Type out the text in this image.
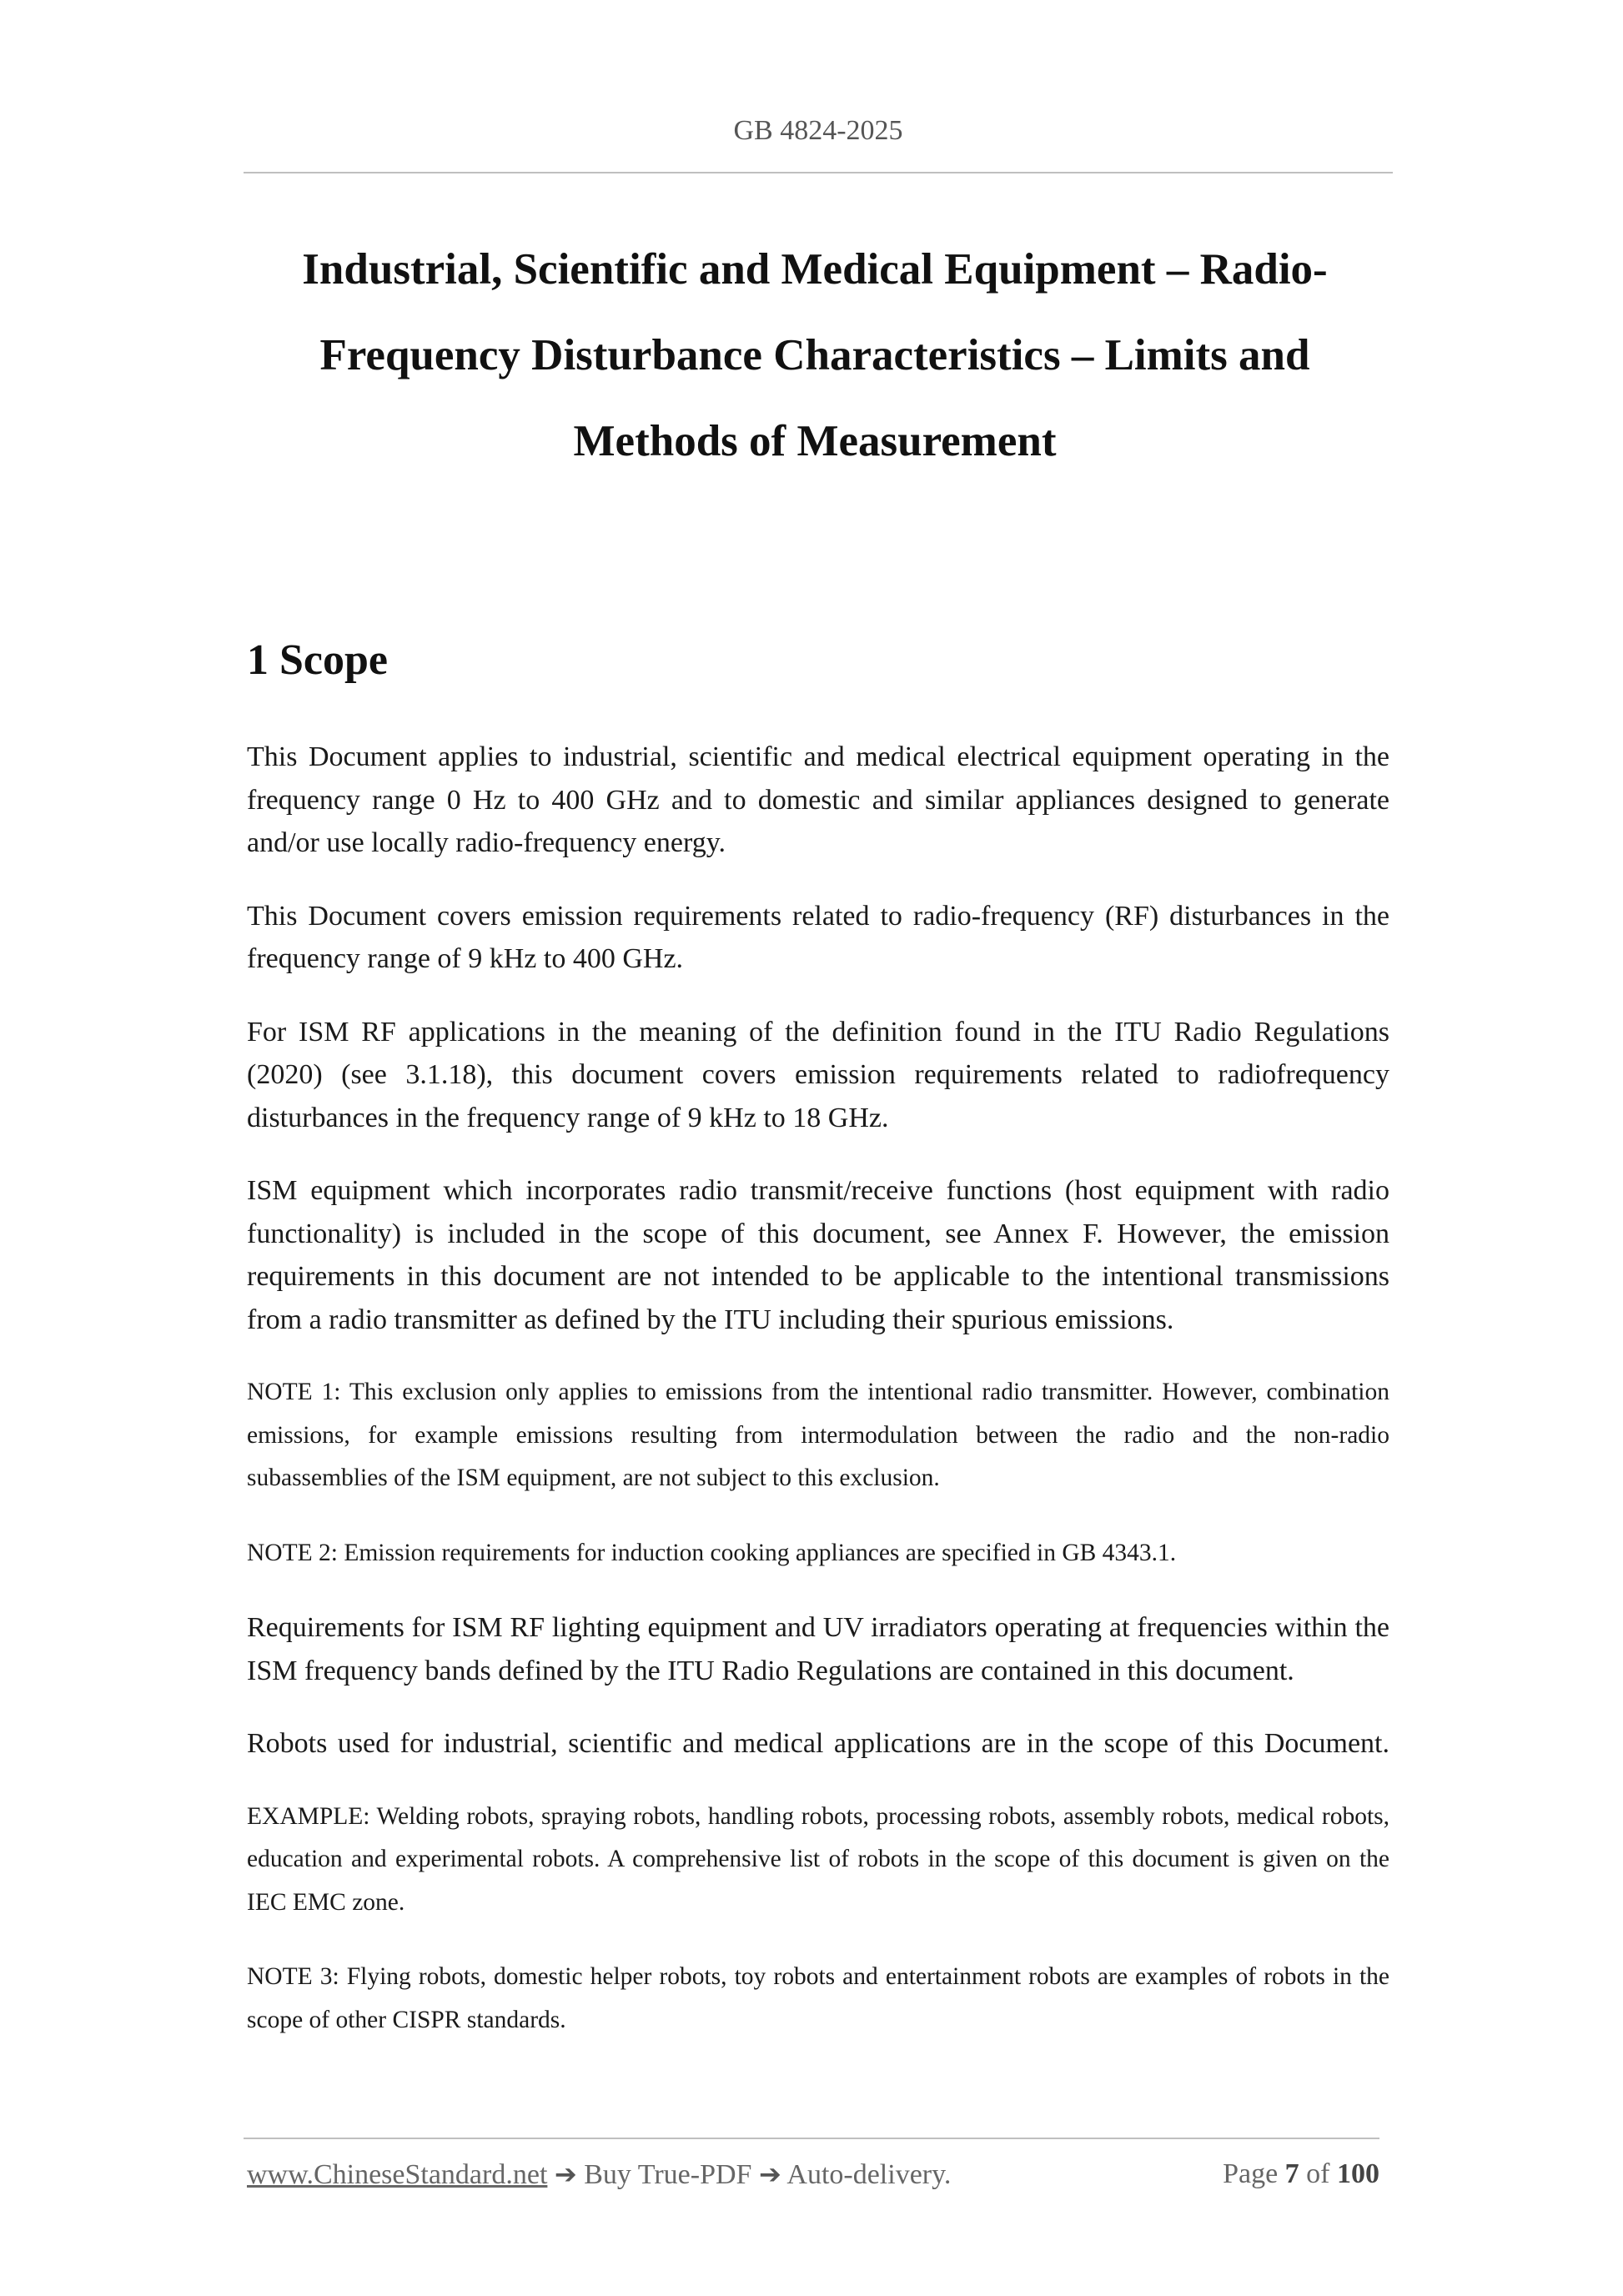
GB 4824-2025
Industrial, Scientific and Medical Equipment – Radio-
Frequency Disturbance Characteristics – Limits and
Methods of Measurement
1 Scope

This Document applies to industrial, scientific and medical electrical equipment operating in the frequency range 0 Hz to 400 GHz and to domestic and similar appliances designed to generate and/or use locally radio-frequency energy.

This Document covers emission requirements related to radio-frequency (RF) disturbances in the frequency range of 9 kHz to 400 GHz.

For ISM RF applications in the meaning of the definition found in the ITU Radio Regulations (2020) (see 3.1.18), this document covers emission requirements related to radiofrequency disturbances in the frequency range of 9 kHz to 18 GHz.

ISM equipment which incorporates radio transmit/receive functions (host equipment with radio functionality) is included in the scope of this document, see Annex F. However, the emission requirements in this document are not intended to be applicable to the intentional transmissions from a radio transmitter as defined by the ITU including their spurious emissions.

NOTE 1: This exclusion only applies to emissions from the intentional radio transmitter. However, combination emissions, for example emissions resulting from intermodulation between the radio and the non-radio subassemblies of the ISM equipment, are not subject to this exclusion.

NOTE 2: Emission requirements for induction cooking appliances are specified in GB 4343.1.

Requirements for ISM RF lighting equipment and UV irradiators operating at frequencies within the ISM frequency bands defined by the ITU Radio Regulations are contained in this document.

Robots used for industrial, scientific and medical applications are in the scope of this Document.

EXAMPLE: Welding robots, spraying robots, handling robots, processing robots, assembly robots, medical robots, education and experimental robots. A comprehensive list of robots in the scope of this document is given on the IEC EMC zone.

NOTE 3: Flying robots, domestic helper robots, toy robots and entertainment robots are examples of robots in the scope of other CISPR standards.

www.ChineseStandard.net ➔ Buy True-PDF ➔ Auto-delivery.	Page 7 of 100
